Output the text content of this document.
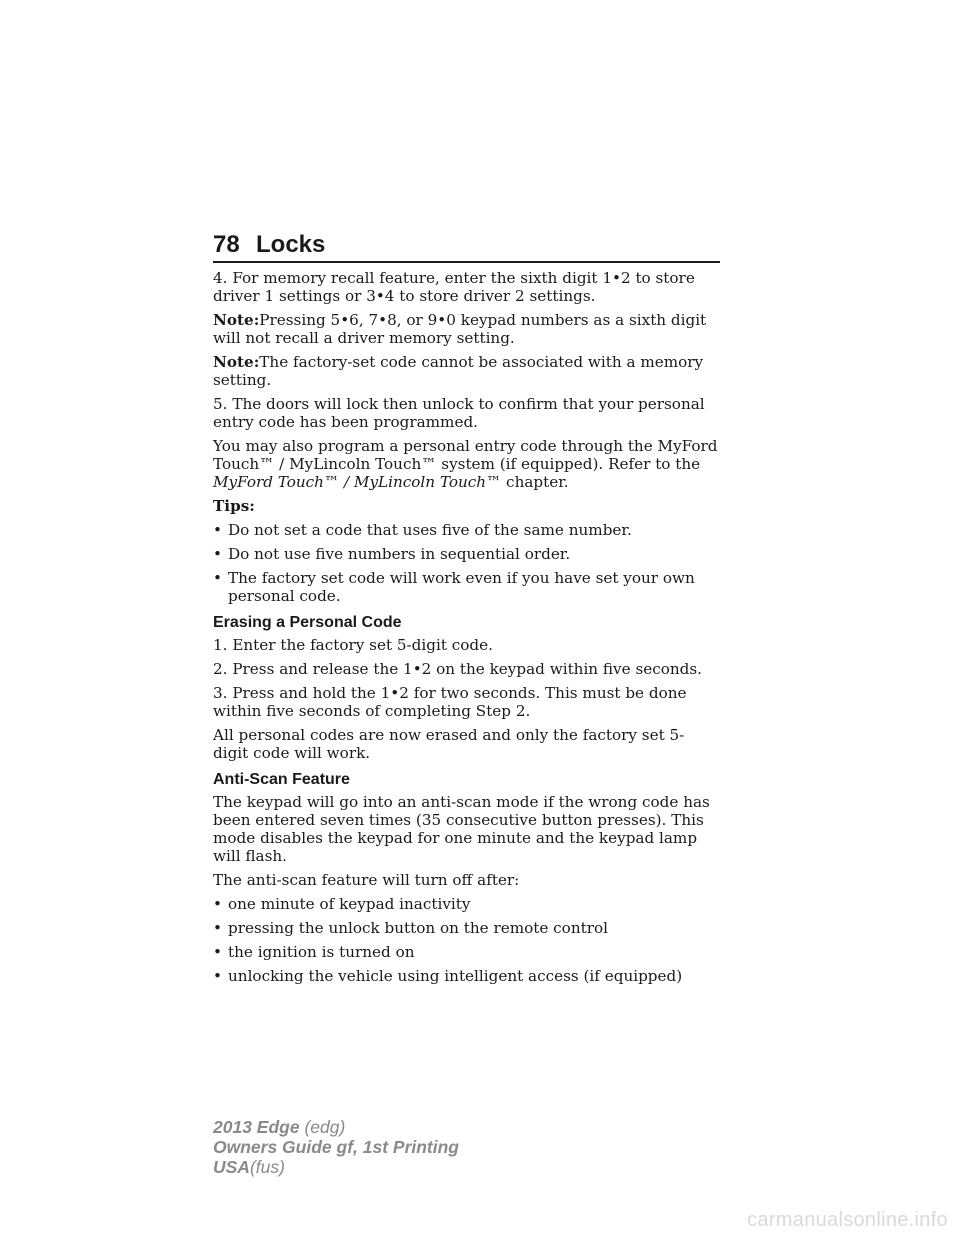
78 Locks

4. For memory recall feature, enter the sixth digit 1•2 to store driver 1 settings or 3•4 to store driver 2 settings.

Note:Pressing 5•6, 7•8, or 9•0 keypad numbers as a sixth digit will not recall a driver memory setting.

Note:The factory-set code cannot be associated with a memory setting.

5. The doors will lock then unlock to confirm that your personal entry code has been programmed.

You may also program a personal entry code through the MyFord Touch™ / MyLincoln Touch™ system (if equipped). Refer to the MyFord Touch™ / MyLincoln Touch™ chapter.

Tips:

• Do not set a code that uses five of the same number.
• Do not use five numbers in sequential order.
• The factory set code will work even if you have set your own personal code.

Erasing a Personal Code

1. Enter the factory set 5-digit code.

2. Press and release the 1•2 on the keypad within five seconds.

3. Press and hold the 1•2 for two seconds. This must be done within five seconds of completing Step 2.

All personal codes are now erased and only the factory set 5- digit code will work.

Anti-Scan Feature

The keypad will go into an anti-scan mode if the wrong code has been entered seven times (35 consecutive button presses). This mode disables the keypad for one minute and the keypad lamp will flash.

The anti-scan feature will turn off after:

• one minute of keypad inactivity
• pressing the unlock button on the remote control
• the ignition is turned on
• unlocking the vehicle using intelligent access (if equipped)
2013 Edge (edg)
Owners Guide gf, 1st Printing
USA(fus)
carmanualsonline.info
